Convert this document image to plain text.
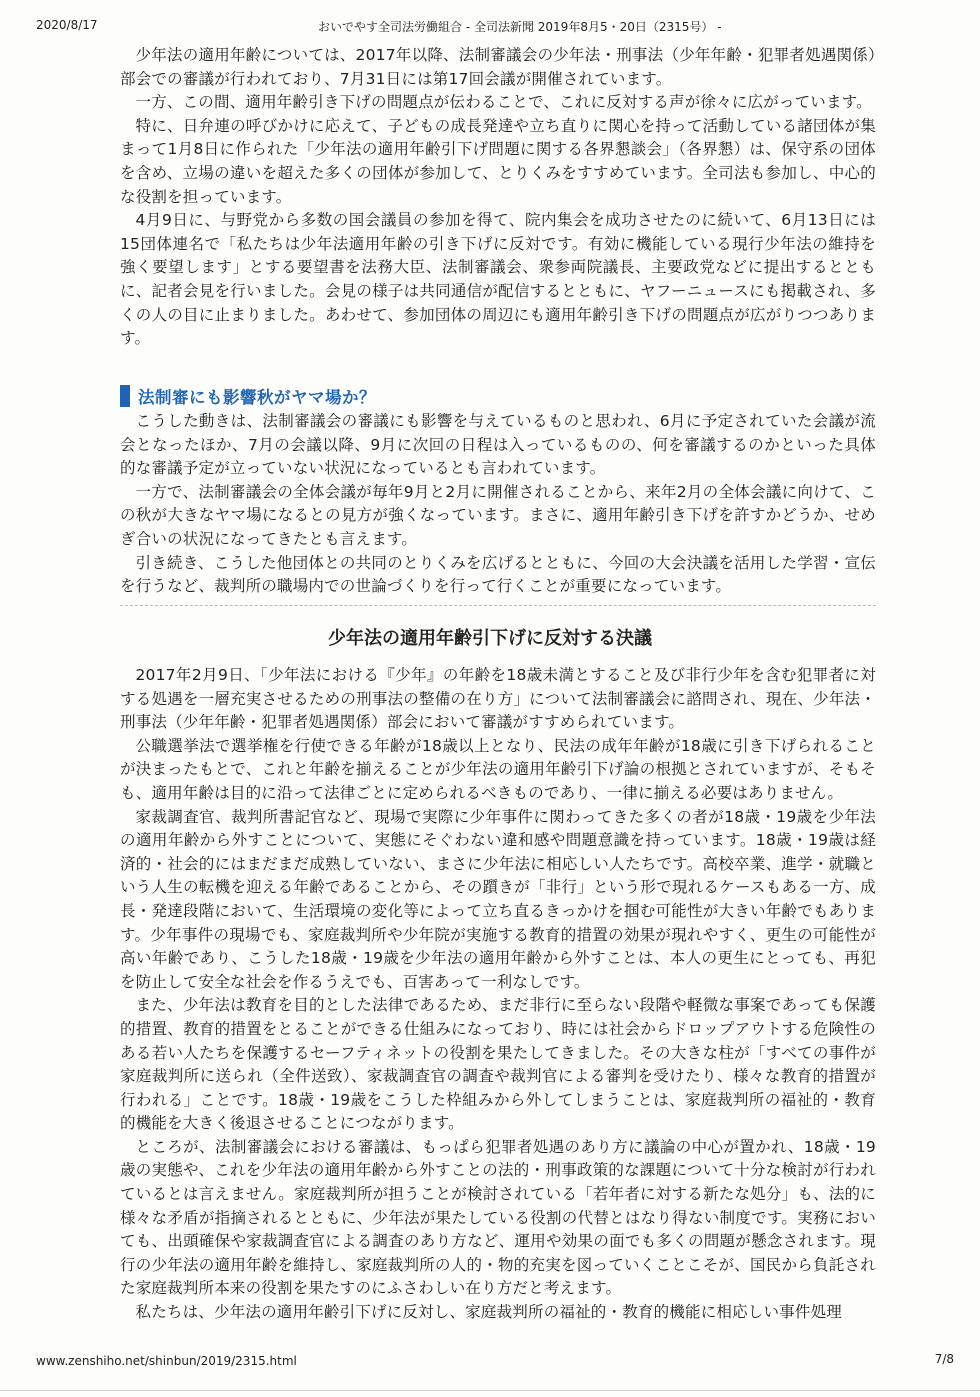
2020/8/17	おいでやす全司法労働組合 - 全司法新聞 2019年8月5・20日（2315号） -

少年法の適用年齢については、2017年以降、法制審議会の少年法・刑事法（少年年齢・犯罪者処遇関係）部会での審議が行われており、7月31日には第17回会議が開催されています。

一方、この間、適用年齢引き下げの問題点が伝わることで、これに反対する声が徐々に広がっています。

特に、日弁連の呼びかけに応えて、子どもの成長発達や立ち直りに関心を持って活動している諸団体が集まって1月8日に作られた「少年法の適用年齢引下げ問題に関する各界懇談会」（各界懇）は、保守系の団体を含め、立場の違いを超えた多くの団体が参加して、とりくみをすすめています。全司法も参加し、中心的な役割を担っています。

4月9日に、与野党から多数の国会議員の参加を得て、院内集会を成功させたのに続いて、6月13日には15団体連名で「私たちは少年法適用年齢の引き下げに反対です。有効に機能している現行少年法の維持を強く要望します」とする要望書を法務大臣、法制審議会、衆参両院議長、主要政党などに提出するとともに、記者会見を行いました。会見の様子は共同通信が配信するとともに、ヤフーニュースにも掲載され、多くの人の目に止まりました。あわせて、参加団体の周辺にも適用年齢引き下げの問題点が広がりつつあります。

法制審にも影響秋がヤマ場か？

こうした動きは、法制審議会の審議にも影響を与えているものと思われ、6月に予定されていた会議が流会となったほか、7月の会議以降、9月に次回の日程は入っているものの、何を審議するのかといった具体的な審議予定が立っていない状況になっているとも言われています。

一方で、法制審議会の全体会議が毎年9月と2月に開催されることから、来年2月の全体会議に向けて、この秋が大きなヤマ場になるとの見方が強くなっています。まさに、適用年齢引き下げを許すかどうか、せめぎ合いの状況になってきたとも言えます。

引き続き、こうした他団体との共同のとりくみを広げるとともに、今回の大会決議を活用した学習・宣伝を行うなど、裁判所の職場内での世論づくりを行って行くことが重要になっています。

少年法の適用年齢引下げに反対する決議

2017年2月9日、「少年法における『少年』の年齢を18歳未満とすること及び非行少年を含む犯罪者に対する処遇を一層充実させるための刑事法の整備の在り方」について法制審議会に諮問され、現在、少年法・刑事法（少年年齢・犯罪者処遇関係）部会において審議がすすめられています。

公職選挙法で選挙権を行使できる年齢が18歳以上となり、民法の成年年齢が18歳に引き下げられることが決まったもとで、これと年齢を揃えることが少年法の適用年齢引下げ論の根拠とされていますが、そもそも、適用年齢は目的に沿って法律ごとに定められるべきものであり、一律に揃える必要はありません。

家裁調査官、裁判所書記官など、現場で実際に少年事件に関わってきた多くの者が18歳・19歳を少年法の適用年齢から外すことについて、実態にそぐわない違和感や問題意識を持っています。18歳・19歳は経済的・社会的にはまだまだ成熟していない、まさに少年法に相応しい人たちです。高校卒業、進学・就職という人生の転機を迎える年齢であることから、その躓きが「非行」という形で現れるケースもある一方、成長・発達段階において、生活環境の変化等によって立ち直るきっかけを掴む可能性が大きい年齢でもあります。少年事件の現場でも、家庭裁判所や少年院が実施する教育的措置の効果が現れやすく、更生の可能性が高い年齢であり、こうした18歳・19歳を少年法の適用年齢から外すことは、本人の更生にとっても、再犯を防止して安全な社会を作るうえでも、百害あって一利なしです。

また、少年法は教育を目的とした法律であるため、まだ非行に至らない段階や軽微な事案であっても保護的措置、教育的措置をとることができる仕組みになっており、時には社会からドロップアウトする危険性のある若い人たちを保護するセーフティネットの役割を果たしてきました。その大きな柱が「すべての事件が家庭裁判所に送られ（全件送致）、家裁調査官の調査や裁判官による審判を受けたり、様々な教育的措置が行われる」ことです。18歳・19歳をこうした枠組みから外してしまうことは、家庭裁判所の福祉的・教育的機能を大きく後退させることにつながります。

ところが、法制審議会における審議は、もっぱら犯罪者処遇のあり方に議論の中心が置かれ、18歳・19歳の実態や、これを少年法の適用年齢から外すことの法的・刑事政策的な課題について十分な検討が行われているとは言えません。家庭裁判所が担うことが検討されている「若年者に対する新たな処分」も、法的に様々な矛盾が指摘されるとともに、少年法が果たしている役割の代替とはなり得ない制度です。実務においても、出頭確保や家裁調査官による調査のあり方など、運用や効果の面でも多くの問題が懸念されます。現行の少年法の適用年齢を維持し、家庭裁判所の人的・物的充実を図っていくことこそが、国民から負託された家庭裁判所本来の役割を果たすのにふさわしい在り方だと考えます。

私たちは、少年法の適用年齢引下げに反対し、家庭裁判所の福祉的・教育的機能に相応しい事件処理

www.zenshiho.net/shinbun/2019/2315.html	7/8
